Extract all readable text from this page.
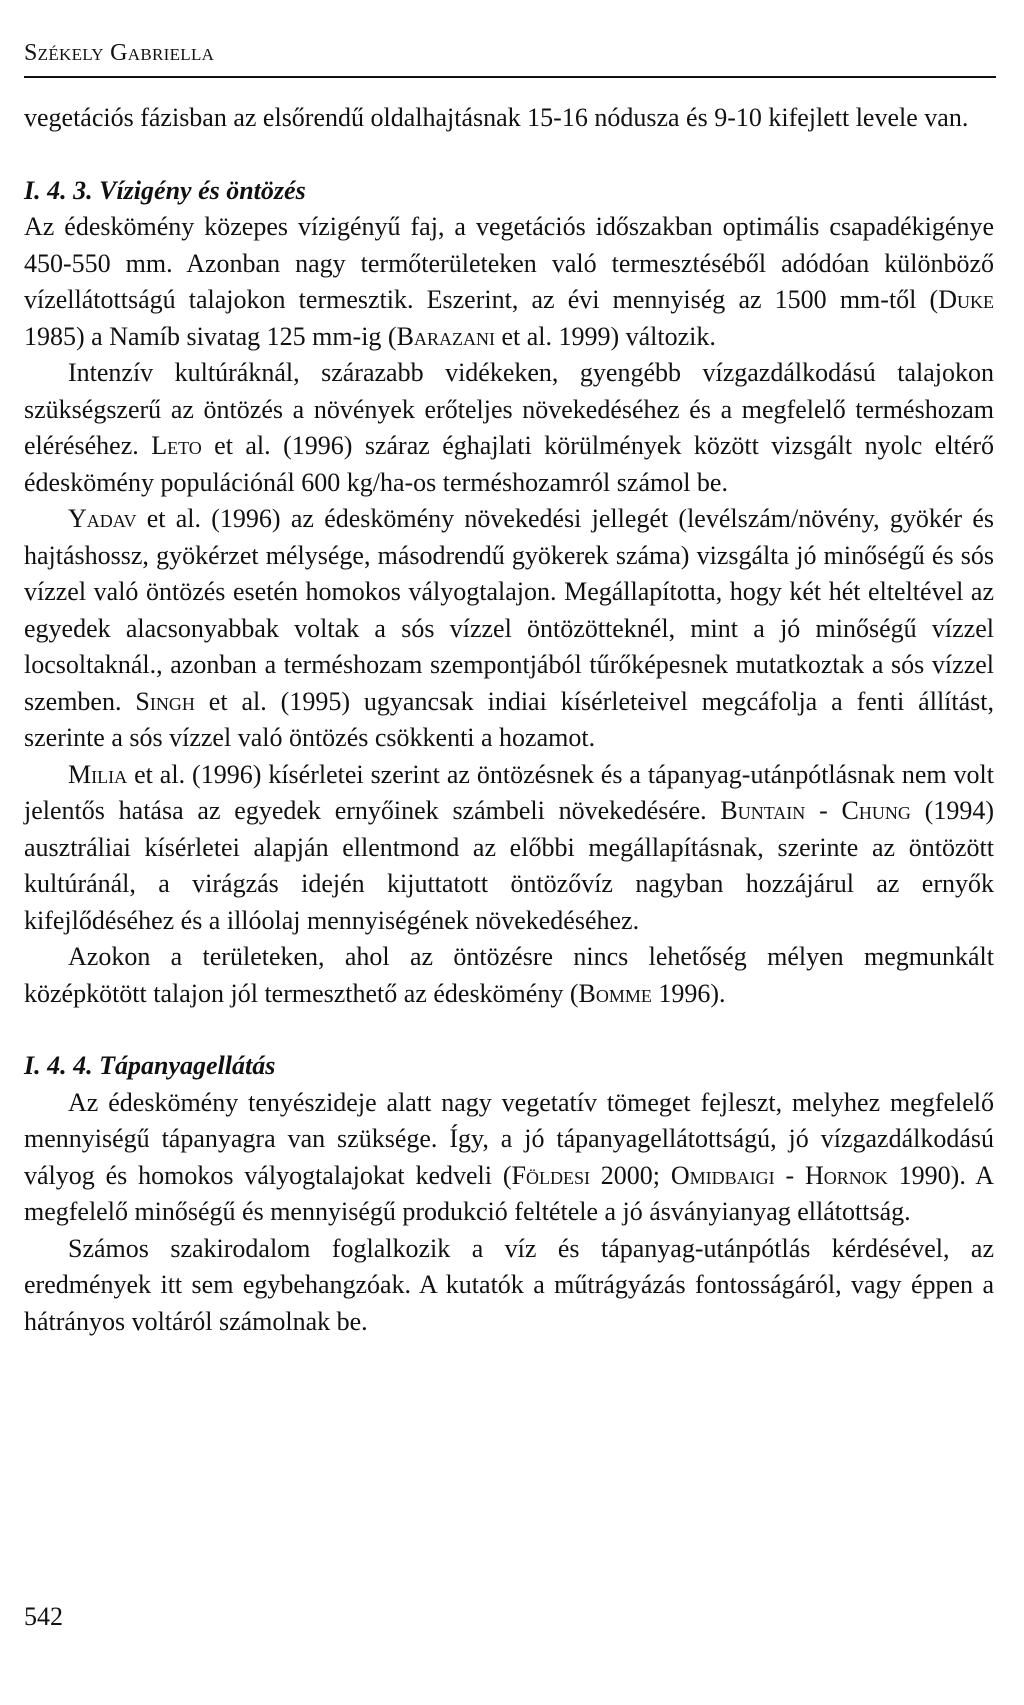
Székely Gabriella

vegetációs fázisban az elsőrendű oldalhajtásnak 15-16 nódusza és 9-10 kifejlett levele van.

I. 4. 3. Vízigény és öntözés

Az édeskömény közepes vízigényű faj, a vegetációs időszakban optimális csapadékigénye 450-550 mm. Azonban nagy termőterületeken való termesztéséből adódóan különböző vízellátottságú talajokon termesztik. Eszerint, az évi mennyiség az 1500 mm-től (Duke 1985) a Namíb sivatag 125 mm-ig (Barazani et al. 1999) változik.

Intenzív kultúráknál, szárazabb vidékeken, gyengébb vízgazdálkodású talajokon szükségszerű az öntözés a növények erőteljes növekedéséhez és a megfelelő terméshozam eléréséhez. Leto et al. (1996) száraz éghajlati körülmények között vizsgált nyolc eltérő édeskömény populációnál 600 kg/ha-os terméshozamról számol be.

Yadav et al. (1996) az édeskömény növekedési jellegét (levélszám/növény, gyökér és hajtáshossz, gyökérzet mélysége, másodrendű gyökerek száma) vizsgálta jó minőségű és sós vízzel való öntözés esetén homokos vályogtalajon. Megállapította, hogy két hét elteltével az egyedek alacsonyabbak voltak a sós vízzel öntözötteknél, mint a jó minőségű vízzel locsoltaknál., azonban a terméshozam szempontjából tűrőképesnek mutatkoztak a sós vízzel szemben. Singh et al. (1995) ugyancsak indiai kísérleteivel megcáfolja a fenti állítást, szerinte a sós vízzel való öntözés csökkenti a hozamot.

Milia et al. (1996) kísérletei szerint az öntözésnek és a tápanyag-utánpótlásnak nem volt jelentős hatása az egyedek ernyőinek számbeli növekedésére. Buntain - Chung (1994) ausztráliai kísérletei alapján ellentmond az előbbi megállapításnak, szerinte az öntözött kultúránál, a virágzás idején kijuttatott öntözővíz nagyban hozzájárul az ernyők kifejlődéséhez és a illóolaj mennyiségének növekedéséhez.

Azokon a területeken, ahol az öntözésre nincs lehetőség mélyen megmunkált középkötött talajon jól termeszthető az édeskömény (Bomme 1996).

I. 4. 4. Tápanyagellátás

Az édeskömény tenyészideje alatt nagy vegetatív tömeget fejleszt, melyhez megfelelő mennyiségű tápanyagra van szüksége. Így, a jó tápanyagellátottságú, jó vízgazdálkodású vályog és homokos vályogtalajokat kedveli (Földesi 2000; Omidbaigi - Hornok 1990). A megfelelő minőségű és mennyiségű produkció feltétele a jó ásványianyag ellátottság.

Számos szakirodalom foglalkozik a víz és tápanyag-utánpótlás kérdésével, az eredmények itt sem egybehangzóak. A kutatók a műtrágyázás fontosságáról, vagy éppen a hátrányos voltáról számolnak be.

542
